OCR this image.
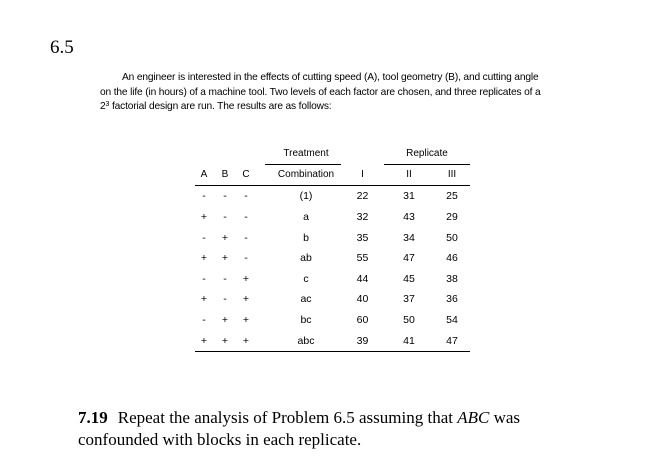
6.5
An engineer is interested in the effects of cutting speed (A), tool geometry (B), and cutting angle on the life (in hours) of a machine tool. Two levels of each factor are chosen, and three replicates of a $2^3$ factorial design are run. The results are as follows:
				Treatment		Replicate	
A	B	C		Combination	I	II	III
-	-	-		(1)	22	31	25
+	-	-		a	32	43	29
-	+	-		b	35	34	50
+	+	-		ab	55	47	46
-	-	+		c	44	45	38
+	-	+		ac	40	37	36
-	+	+		bc	60	50	54
+	+	+		abc	39	41	47
7.19 Repeat the analysis of Problem 6.5 assuming that ABC was confounded with blocks in each replicate.
